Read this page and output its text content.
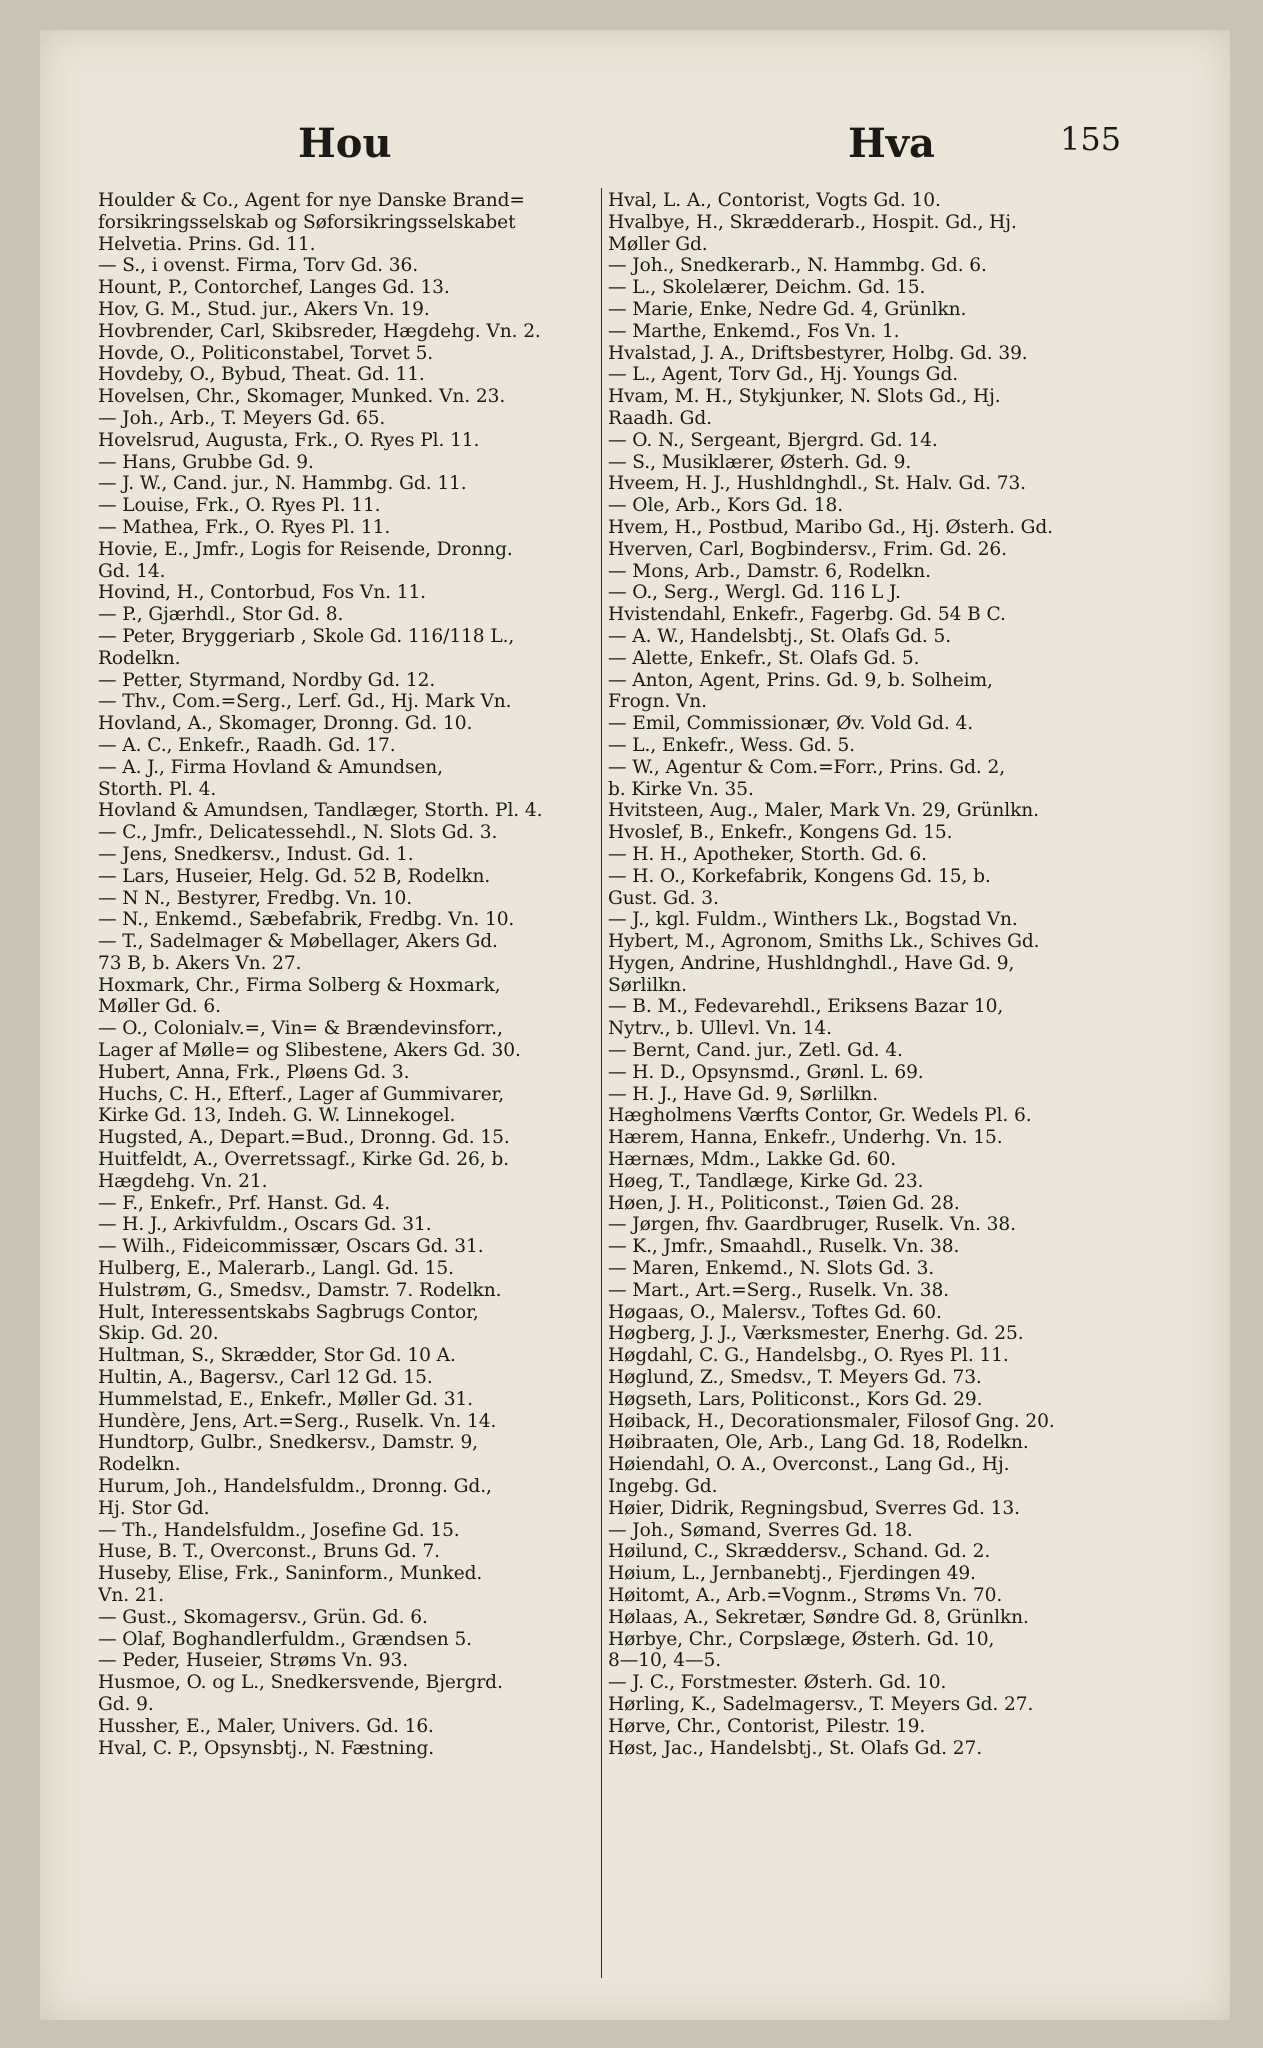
Hou	Hva	155
Houlder & Co., Agent for nye Danske Brand=
forsikringsselskab og Søforsikringsselskabet
Helvetia. Prins. Gd. 11.
— S., i ovenst. Firma, Torv Gd. 36.
Hount, P., Contorchef, Langes Gd. 13.
Hov, G. M., Stud. jur., Akers Vn. 19.
Hovbrender, Carl, Skibsreder, Hægdehg. Vn. 2.
Hovde, O., Politiconstabel, Torvet 5.
Hovdeby, O., Bybud, Theat. Gd. 11.
Hovelsen, Chr., Skomager, Munked. Vn. 23.
— Joh., Arb., T. Meyers Gd. 65.
Hovelsrud, Augusta, Frk., O. Ryes Pl. 11.
— Hans, Grubbe Gd. 9.
— J. W., Cand. jur., N. Hammbg. Gd. 11.
— Louise, Frk., O. Ryes Pl. 11.
— Mathea, Frk., O. Ryes Pl. 11.
Hovie, E., Jmfr., Logis for Reisende, Dronng.
Gd. 14.
Hovind, H., Contorbud, Fos Vn. 11.
— P., Gjærhdl., Stor Gd. 8.
— Peter, Bryggeriarb , Skole Gd. 116/118 L.,
Rodelkn.
— Petter, Styrmand, Nordby Gd. 12.
— Thv., Com.=Serg., Lerf. Gd., Hj. Mark Vn.
Hovland, A., Skomager, Dronng. Gd. 10.
— A. C., Enkefr., Raadh. Gd. 17.
— A. J., Firma Hovland & Amundsen,
Storth. Pl. 4.
Hovland & Amundsen, Tandlæger, Storth. Pl. 4.
— C., Jmfr., Delicatessehdl., N. Slots Gd. 3.
— Jens, Snedkersv., Indust. Gd. 1.
— Lars, Huseier, Helg. Gd. 52 B, Rodelkn.
— N N., Bestyrer, Fredbg. Vn. 10.
— N., Enkemd., Sæbefabrik, Fredbg. Vn. 10.
— T., Sadelmager & Møbellager, Akers Gd.
73 B, b. Akers Vn. 27.
Hoxmark, Chr., Firma Solberg & Hoxmark,
Møller Gd. 6.
— O., Colonialv.=, Vin= & Brændevinsforr.,
Lager af Mølle= og Slibestene, Akers Gd. 30.
Hubert, Anna, Frk., Pløens Gd. 3.
Huchs, C. H., Efterf., Lager af Gummivarer,
Kirke Gd. 13, Indeh. G. W. Linnekogel.
Hugsted, A., Depart.=Bud., Dronng. Gd. 15.
Huitfeldt, A., Overretssagf., Kirke Gd. 26, b.
Hægdehg. Vn. 21.
— F., Enkefr., Prf. Hanst. Gd. 4.
— H. J., Arkivfuldm., Oscars Gd. 31.
— Wilh., Fideicommissær, Oscars Gd. 31.
Hulberg, E., Malerarb., Langl. Gd. 15.
Hulstrøm, G., Smedsv., Damstr. 7. Rodelkn.
Hult, Interessentskabs Sagbrugs Contor,
Skip. Gd. 20.
Hultman, S., Skrædder, Stor Gd. 10 A.
Hultin, A., Bagersv., Carl 12 Gd. 15.
Hummelstad, E., Enkefr., Møller Gd. 31.
Hundère, Jens, Art.=Serg., Ruselk. Vn. 14.
Hundtorp, Gulbr., Snedkersv., Damstr. 9,
Rodelkn.
Hurum, Joh., Handelsfuldm., Dronng. Gd.,
Hj. Stor Gd.
— Th., Handelsfuldm., Josefine Gd. 15.
Huse, B. T., Overconst., Bruns Gd. 7.
Huseby, Elise, Frk., Saninform., Munked.
Vn. 21.
— Gust., Skomagersv., Grün. Gd. 6.
— Olaf, Boghandlerfuldm., Grændsen 5.
— Peder, Huseier, Strøms Vn. 93.
Husmoe, O. og L., Snedkersvende, Bjergrd.
Gd. 9.
Hussher, E., Maler, Univers. Gd. 16.
Hval, C. P., Opsynsbtj., N. Fæstning.
Hval, L. A., Contorist, Vogts Gd. 10.
Hvalbye, H., Skrædderarb., Hospit. Gd., Hj.
Møller Gd.
— Joh., Snedkerarb., N. Hammbg. Gd. 6.
— L., Skolelærer, Deichm. Gd. 15.
— Marie, Enke, Nedre Gd. 4, Grünlkn.
— Marthe, Enkemd., Fos Vn. 1.
Hvalstad, J. A., Driftsbestyrer, Holbg. Gd. 39.
— L., Agent, Torv Gd., Hj. Youngs Gd.
Hvam, M. H., Stykjunker, N. Slots Gd., Hj.
Raadh. Gd.
— O. N., Sergeant, Bjergrd. Gd. 14.
— S., Musiklærer, Østerh. Gd. 9.
Hveem, H. J., Hushldnghdl., St. Halv. Gd. 73.
— Ole, Arb., Kors Gd. 18.
Hvem, H., Postbud, Maribo Gd., Hj. Østerh. Gd.
Hverven, Carl, Bogbindersv., Frim. Gd. 26.
— Mons, Arb., Damstr. 6, Rodelkn.
— O., Serg., Wergl. Gd. 116 L J.
Hvistendahl, Enkefr., Fagerbg. Gd. 54 B C.
— A. W., Handelsbtj., St. Olafs Gd. 5.
— Alette, Enkefr., St. Olafs Gd. 5.
— Anton, Agent, Prins. Gd. 9, b. Solheim,
Frogn. Vn.
— Emil, Commissionær, Øv. Vold Gd. 4.
— L., Enkefr., Wess. Gd. 5.
— W., Agentur & Com.=Forr., Prins. Gd. 2,
b. Kirke Vn. 35.
Hvitsteen, Aug., Maler, Mark Vn. 29, Grünlkn.
Hvoslef, B., Enkefr., Kongens Gd. 15.
— H. H., Apotheker, Storth. Gd. 6.
— H. O., Korkefabrik, Kongens Gd. 15, b.
Gust. Gd. 3.
— J., kgl. Fuldm., Winthers Lk., Bogstad Vn.
Hybert, M., Agronom, Smiths Lk., Schives Gd.
Hygen, Andrine, Hushldnghdl., Have Gd. 9,
Sørlilkn.
— B. M., Fedevarehdl., Eriksens Bazar 10,
Nytrv., b. Ullevl. Vn. 14.
— Bernt, Cand. jur., Zetl. Gd. 4.
— H. D., Opsynsmd., Grønl. L. 69.
— H. J., Have Gd. 9, Sørlilkn.
Hægholmens Værfts Contor, Gr. Wedels Pl. 6.
Hærem, Hanna, Enkefr., Underhg. Vn. 15.
Hærnæs, Mdm., Lakke Gd. 60.
Høeg, T., Tandlæge, Kirke Gd. 23.
Høen, J. H., Politiconst., Tøien Gd. 28.
— Jørgen, fhv. Gaardbruger, Ruselk. Vn. 38.
— K., Jmfr., Smaahdl., Ruselk. Vn. 38.
— Maren, Enkemd., N. Slots Gd. 3.
— Mart., Art.=Serg., Ruselk. Vn. 38.
Høgaas, O., Malersv., Toftes Gd. 60.
Høgberg, J. J., Værksmester, Enerhg. Gd. 25.
Høgdahl, C. G., Handelsbg., O. Ryes Pl. 11.
Høglund, Z., Smedsv., T. Meyers Gd. 73.
Høgseth, Lars, Politiconst., Kors Gd. 29.
Høiback, H., Decorationsmaler, Filosof Gng. 20.
Høibraaten, Ole, Arb., Lang Gd. 18, Rodelkn.
Høiendahl, O. A., Overconst., Lang Gd., Hj.
Ingebg. Gd.
Høier, Didrik, Regningsbud, Sverres Gd. 13.
— Joh., Sømand, Sverres Gd. 18.
Høilund, C., Skræddersv., Schand. Gd. 2.
Høium, L., Jernbanebtj., Fjerdingen 49.
Høitomt, A., Arb.=Vognm., Strøms Vn. 70.
Hølaas, A., Sekretær, Søndre Gd. 8, Grünlkn.
Hørbye, Chr., Corpslæge, Østerh. Gd. 10,
8—10, 4—5.
— J. C., Forstmester. Østerh. Gd. 10.
Hørling, K., Sadelmagersv., T. Meyers Gd. 27.
Hørve, Chr., Contorist, Pilestr. 19.
Høst, Jac., Handelsbtj., St. Olafs Gd. 27.
